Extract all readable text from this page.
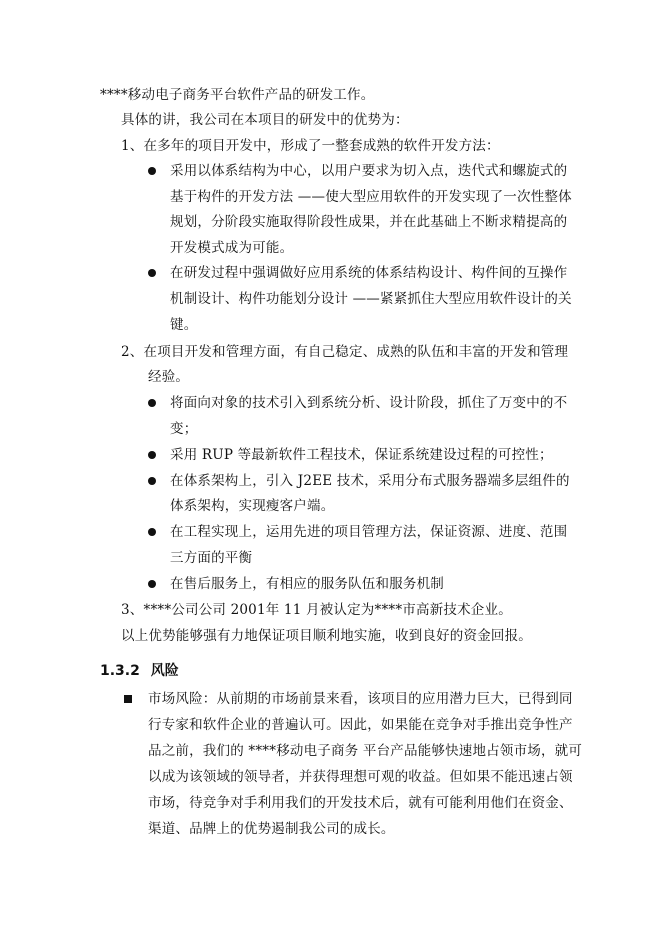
****移动电子商务平台软件产品的研发工作。
具体的讲，我公司在本项目的研发中的优势为：
1、在多年的项目开发中，形成了一整套成熟的软件开发方法：
采用以体系结构为中心，以用户要求为切入点，迭代式和螺旋式的
基于构件的开发方法 ——使大型应用软件的开发实现了一次性整体
规划，分阶段实施取得阶段性成果，并在此基础上不断求精提高的
开发模式成为可能。
在研发过程中强调做好应用系统的体系结构设计、构件间的互操作
机制设计、构件功能划分设计 ——紧紧抓住大型应用软件设计的关
键。
2、在项目开发和管理方面，有自己稳定、成熟的队伍和丰富的开发和管理
经验。
将面向对象的技术引入到系统分析、设计阶段，抓住了万变中的不
变；
采用 RUP 等最新软件工程技术，保证系统建设过程的可控性；
在体系架构上，引入 J2EE 技术，采用分布式服务器端多层组件的
体系架构，实现瘦客户端。
在工程实现上，运用先进的项目管理方法，保证资源、进度、范围
三方面的平衡
在售后服务上，有相应的服务队伍和服务机制
3、****公司公司 2001年 11 月被认定为****市高新技术企业。
以上优势能够强有力地保证项目顺利地实施，收到良好的资金回报。
1.3.2 风险
市场风险：从前期的市场前景来看，该项目的应用潜力巨大，已得到同
行专家和软件企业的普遍认可。因此，如果能在竞争对手推出竞争性产
品之前，我们的 ****移动电子商务 平台产品能够快速地占领市场，就可
以成为该领域的领导者，并获得理想可观的收益。但如果不能迅速占领
市场，待竞争对手利用我们的开发技术后，就有可能利用他们在资金、
渠道、品牌上的优势遏制我公司的成长。
